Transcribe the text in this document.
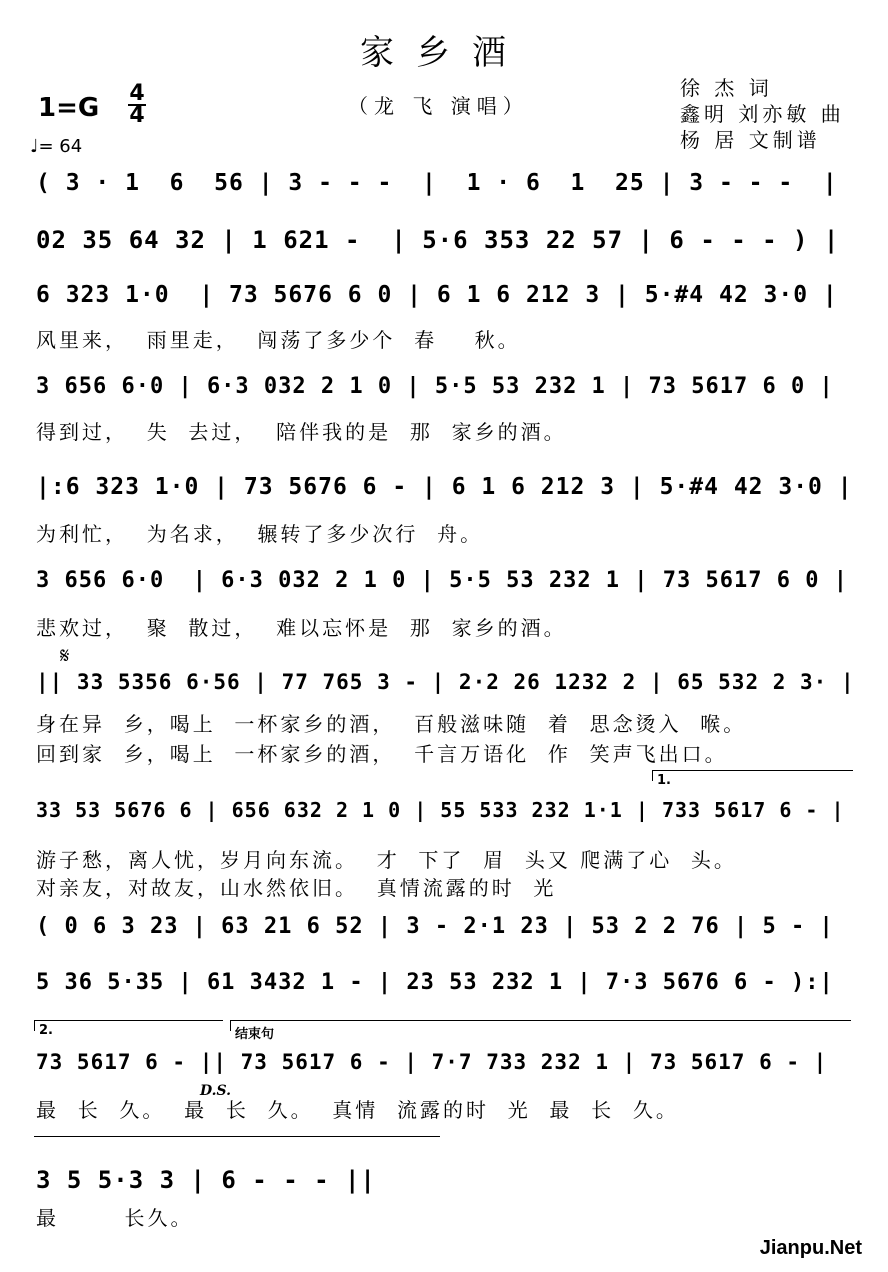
家乡酒
（龙 飞 演唱）
徐 杰 词
鑫明 刘亦敏 曲
杨 居 文制谱
1=G 4
4
♩= 64
( 3 · 1  6  56 | 3 - - -  |  1 · 6  1  25 | 3 - - -  |
02 35 64 32 | 1 621 -  | 5·6 353 22 57 | 6 - - - ) |
6 323 1·0  | 73 5676 6 0 | 6 1 6 212 3 | 5·#4 42 3·0 |
风里来，  雨里走，  闯荡了多少个  春    秋。
3 656 6·0 | 6·3 032 2 1 0 | 5·5 53 232 1 | 73 5617 6 0 |
得到过，  失  去过，  陪伴我的是  那  家乡的酒。
|:6 323 1·0 | 73 5676 6 - | 6 1 6 212 3 | 5·#4 42 3·0 |
为利忙，  为名求，  辗转了多少次行  舟。
3 656 6·0  | 6·3 032 2 1 0 | 5·5 53 232 1 | 73 5617 6 0 |
悲欢过，  聚  散过，  难以忘怀是  那  家乡的酒。
𝄋
|| 33 5356 6·56 | 77 765 3 - | 2·2 26 1232 2 | 65 532 2 3· |
身在异  乡，喝上  一杯家乡的酒，  百般滋味随  着  思念烫入  喉。
回到家  乡，喝上  一杯家乡的酒，  千言万语化  作  笑声飞出口。
1.
33 53 5676 6 | 656 632 2 1 0 | 55 533 232 1·1 | 733 5617 6 - |
游子愁，离人忧，岁月向东流。  才  下了  眉  头又 爬满了心  头。
对亲友，对故友，山水然依旧。  真情流露的时  光
( 0 6 3 23 | 63 21 6 52 | 3 - 2·1 23 | 53 2 2 76 | 5 - |
5 36 5·35 | 61 3432 1 - | 23 53 232 1 | 7·3 5676 6 - ):|
2.	结束句
73 5617 6 - || 73 5617 6 - | 7·7 733 232 1 | 73 5617 6 - |
D.S.
最  长  久。  最  长  久。  真情  流露的时  光  最  长  久。
3 5 5·3 3 | 6 - - - ||
最       长久。
Jianpu.Net
